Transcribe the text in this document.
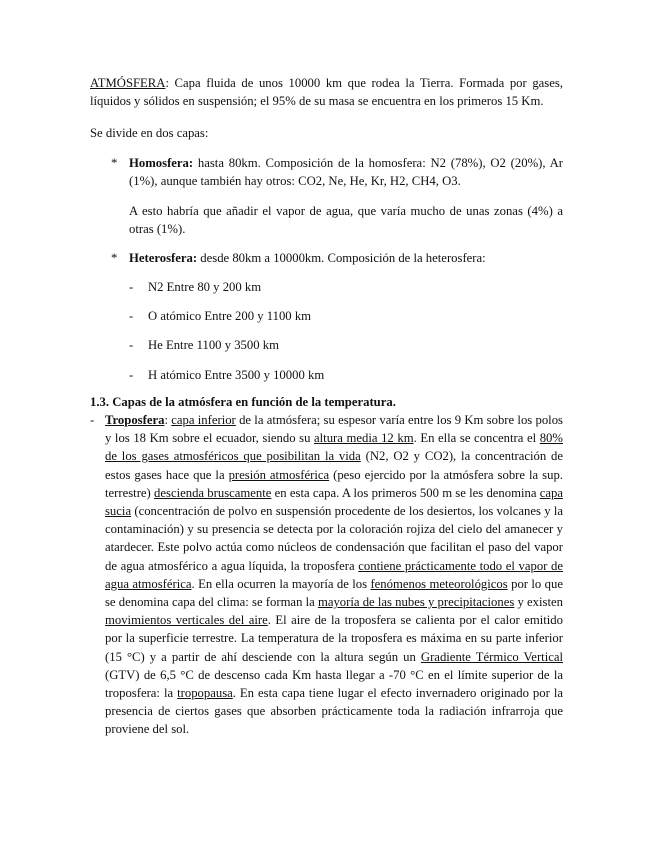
ATMÓSFERA: Capa fluida de unos 10000 km que rodea la Tierra. Formada por gases, líquidos y sólidos en suspensión; el 95% de su masa se encuentra en los primeros 15 Km.

Se divide en dos capas:

* Homosfera: hasta 80km. Composición de la homosfera: N2 (78%), O2 (20%), Ar (1%), aunque también hay otros: CO2, Ne, He, Kr, H2, CH4, O3.
A esto habría que añadir el vapor de agua, que varía mucho de unas zonas (4%) a otras (1%).
* Heterosfera: desde 80km a 10000km. Composición de la heterosfera:
- N2 Entre 80 y 200 km
- O atómico Entre 200 y 1100 km
- He Entre 1100 y 3500 km
- H atómico Entre 3500 y 10000 km
1.3. Capas de la atmósfera en función de la temperatura.
- Troposfera: capa inferior de la atmósfera; su espesor varía entre los 9 Km sobre los polos y los 18 Km sobre el ecuador, siendo su altura media 12 km. En ella se concentra el 80% de los gases atmosféricos que posibilitan la vida (N2, O2 y CO2), la concentración de estos gases hace que la presión atmosférica (peso ejercido por la atmósfera sobre la sup. terrestre) descienda bruscamente en esta capa. A los primeros 500 m se les denomina capa sucia (concentración de polvo en suspensión procedente de los desiertos, los volcanes y la contaminación) y su presencia se detecta por la coloración rojiza del cielo del amanecer y atardecer. Este polvo actúa como núcleos de condensación que facilitan el paso del vapor de agua atmosférico a agua líquida, la troposfera contiene prácticamente todo el vapor de agua atmosférica. En ella ocurren la mayoría de los fenómenos meteorológicos por lo que se denomina capa del clima: se forman la mayoría de las nubes y precipitaciones y existen movimientos verticales del aire. El aire de la troposfera se calienta por el calor emitido por la superficie terrestre. La temperatura de la troposfera es máxima en su parte inferior (15 °C) y a partir de ahí desciende con la altura según un Gradiente Térmico Vertical (GTV) de 6,5 °C de descenso cada Km hasta llegar a -70 °C en el límite superior de la troposfera: la tropopausa. En esta capa tiene lugar el efecto invernadero originado por la presencia de ciertos gases que absorben prácticamente toda la radiación infrarroja que proviene del sol.
